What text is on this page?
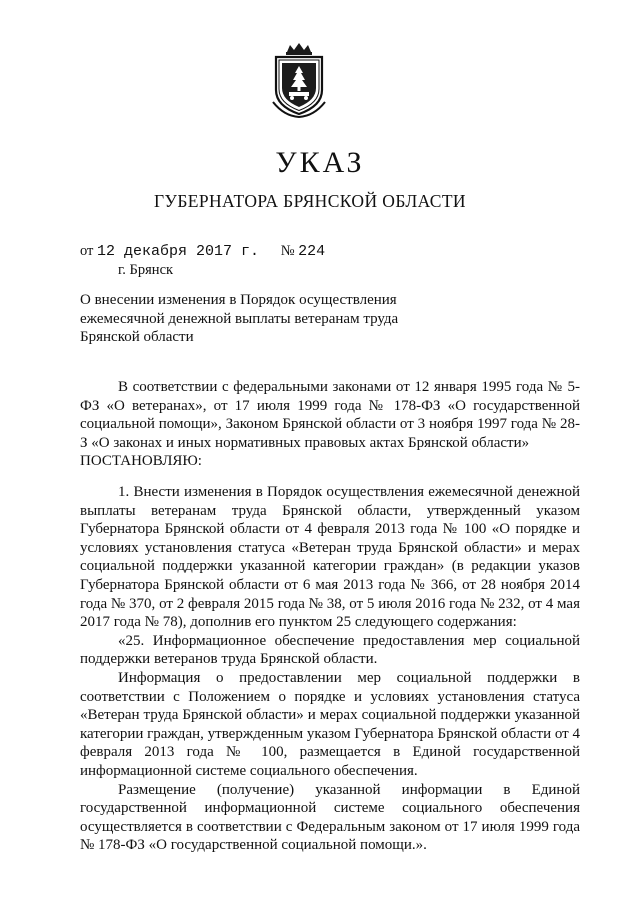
УКАЗ
ГУБЕРНАТОРА БРЯНСКОЙ ОБЛАСТИ
от 12 декабря 2017 г. № 224
г. Брянск
О внесении изменения в Порядок осуществления
ежемесячной денежной выплаты ветеранам труда
Брянской области

В соответствии с федеральными законами от 12 января 1995 года № 5-ФЗ «О ветеранах», от 17 июля 1999 года № 178-ФЗ «О государственной социальной помощи», Законом Брянской области от 3 ноября 1997 года № 28-З «О законах и иных нормативных правовых актах Брянской области»

ПОСТАНОВЛЯЮ:

1. Внести изменения в Порядок осуществления ежемесячной денежной выплаты ветеранам труда Брянской области, утвержденный указом Губернатора Брянской области от 4 февраля 2013 года № 100 «О порядке и условиях установления статуса «Ветеран труда Брянской области» и мерах социальной поддержки указанной категории граждан» (в редакции указов Губернатора Брянской области от 6 мая 2013 года № 366, от 28 ноября 2014 года № 370, от 2 февраля 2015 года № 38, от 5 июля 2016 года № 232, от 4 мая 2017 года № 78), дополнив его пунктом 25 следующего содержания:

«25. Информационное обеспечение предоставления мер социальной поддержки ветеранов труда Брянской области.

Информация о предоставлении мер социальной поддержки в соответствии с Положением о порядке и условиях установления статуса «Ветеран труда Брянской области» и мерах социальной поддержки указанной категории граждан, утвержденным указом Губернатора Брянской области от 4 февраля 2013 года № 100, размещается в Единой государственной информационной системе социального обеспечения.

Размещение (получение) указанной информации в Единой государственной информационной системе социального обеспечения осуществляется в соответствии с Федеральным законом от 17 июля 1999 года № 178-ФЗ «О государственной социальной помощи.».
